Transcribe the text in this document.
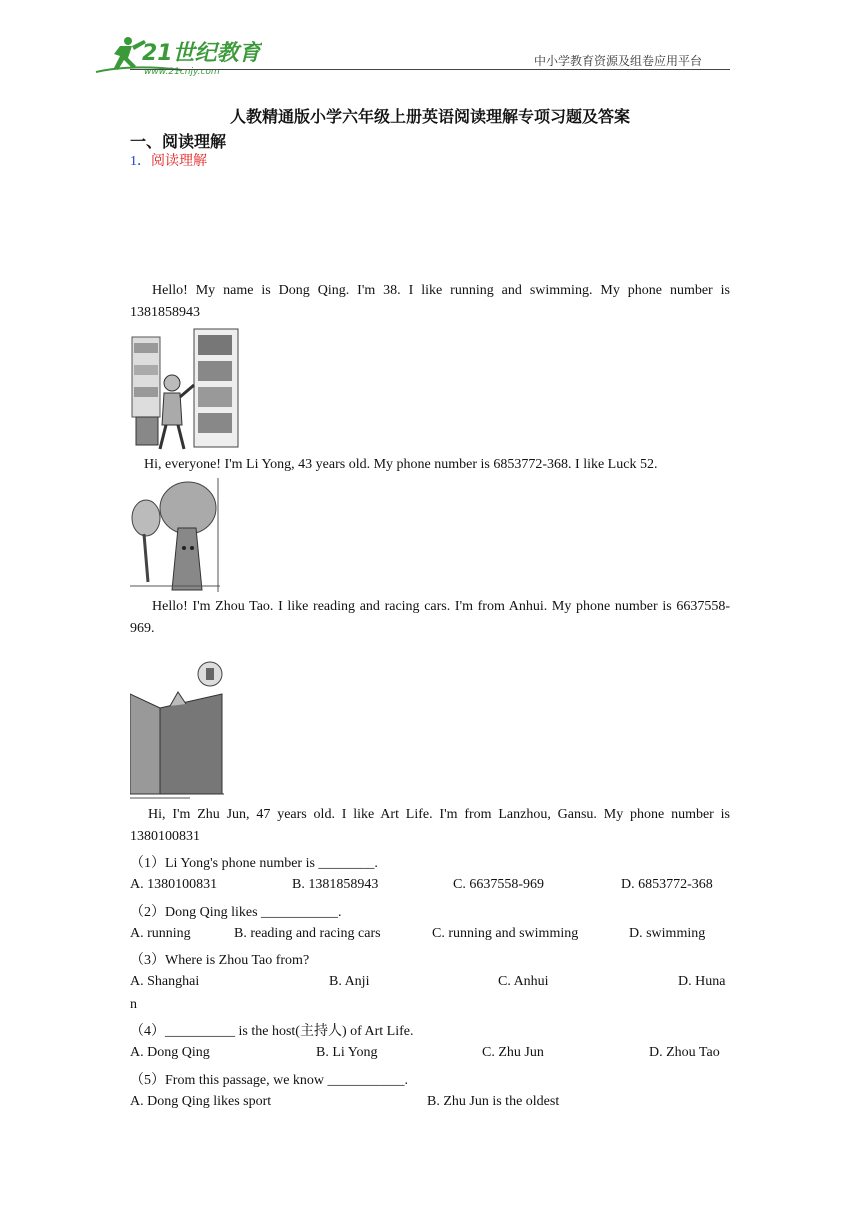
21世纪教育
www.21cnjy.com
中小学教育资源及组卷应用平台
人教精通版小学六年级上册英语阅读理解专项习题及答案
一、阅读理解
1．阅读理解
Hello! My name is Dong Qing. I'm 38. I like running and swimming. My phone number is 1381858943
Hi, everyone! I'm Li Yong, 43 years old. My phone number is 6853772-368. I like Luck 52.
Hello! I'm Zhou Tao. I like reading and racing cars. I'm from Anhui. My phone number is 6637558-969.
Hi, I'm Zhu Jun, 47 years old. I like Art Life. I'm from Lanzhou, Gansu. My phone number is 1380100831
（1）Li Yong's phone number is ________.
A. 1380100831	B. 1381858943	C. 6637558-969	D. 6853772-368
（2）Dong Qing likes ___________.
A. running	B. reading and racing cars	C. running and swimming	D. swimming
（3）Where is Zhou Tao from?
A. Shanghai	B. Anji	C. Anhui	D. Huna
n
（4）__________ is the host(主持人) of Art Life.
A. Dong Qing	B. Li Yong	C. Zhu Jun	D. Zhou Tao
（5）From this passage, we know ___________.
A. Dong Qing likes sport	B. Zhu Jun is the oldest
